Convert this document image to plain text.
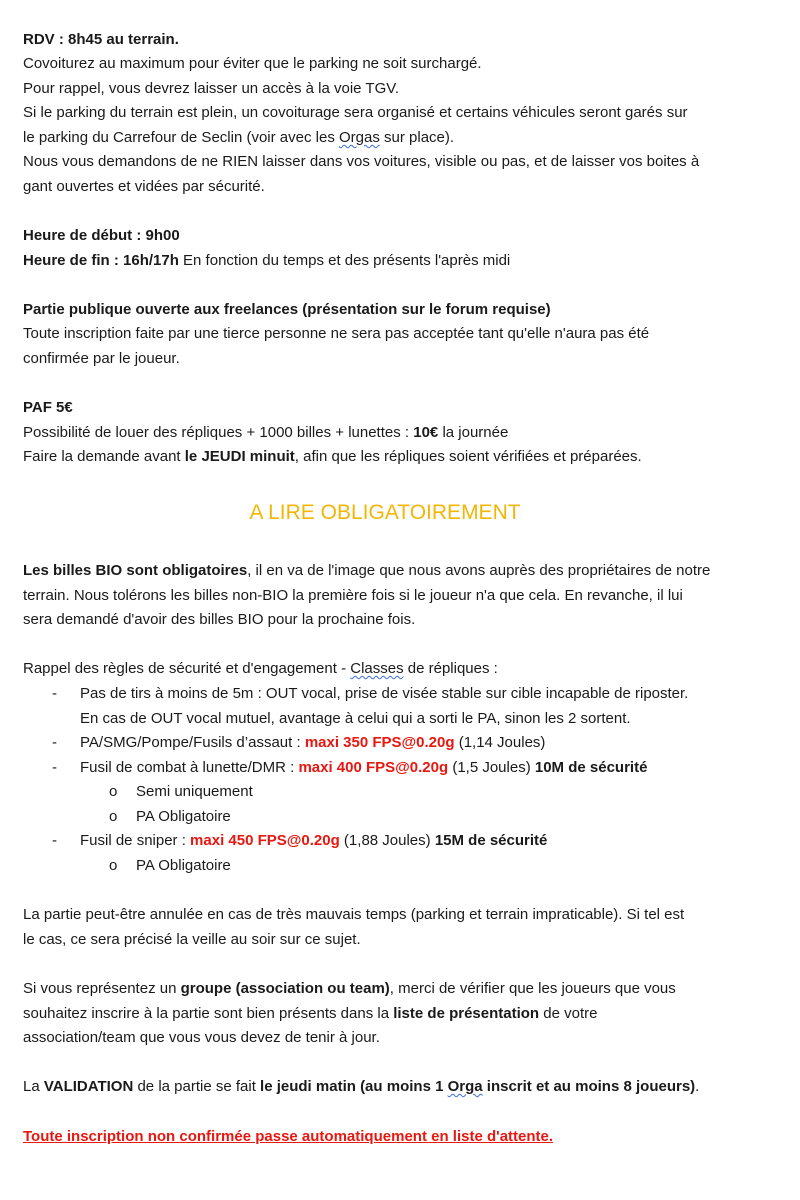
RDV : 8h45 au terrain.
Covoiturez au maximum pour éviter que le parking ne soit surchargé.
Pour rappel, vous devrez laisser un accès à la voie TGV.
Si le parking du terrain est plein, un covoiturage sera organisé et certains véhicules seront garés sur
le parking du Carrefour de Seclin (voir avec les Orgas sur place).
Nous vous demandons de ne RIEN laisser dans vos voitures, visible ou pas, et de laisser vos boites à
gant ouvertes et vidées par sécurité.
Heure de début : 9h00
Heure de fin : 16h/17h En fonction du temps et des présents l'après midi
Partie publique ouverte aux freelances (présentation sur le forum requise)
Toute inscription faite par une tierce personne ne sera pas acceptée tant qu'elle n'aura pas été
confirmée par le joueur.
PAF 5€
Possibilité de louer des répliques + 1000 billes + lunettes : 10€ la journée
Faire la demande avant le JEUDI minuit, afin que les répliques soient vérifiées et préparées.
A LIRE OBLIGATOIREMENT
Les billes BIO sont obligatoires, il en va de l'image que nous avons auprès des propriétaires de notre
terrain. Nous tolérons les billes non-BIO la première fois si le joueur n'a que cela. En revanche, il lui
sera demandé d'avoir des billes BIO pour la prochaine fois.
Rappel des règles de sécurité et d'engagement - Classes de répliques :
- Pas de tirs à moins de 5m : OUT vocal, prise de visée stable sur cible incapable de riposter.
En cas de OUT vocal mutuel, avantage à celui qui a sorti le PA, sinon les 2 sortent.
- PA/SMG/Pompe/Fusils d’assaut : maxi 350 FPS@0.20g (1,14 Joules)
- Fusil de combat à lunette/DMR : maxi 400 FPS@0.20g (1,5 Joules) 10M de sécurité
o Semi uniquement
o PA Obligatoire
- Fusil de sniper : maxi 450 FPS@0.20g (1,88 Joules) 15M de sécurité
o PA Obligatoire
La partie peut-être annulée en cas de très mauvais temps (parking et terrain impraticable). Si tel est
le cas, ce sera précisé la veille au soir sur ce sujet.
Si vous représentez un groupe (association ou team), merci de vérifier que les joueurs que vous
souhaitez inscrire à la partie sont bien présents dans la liste de présentation de votre
association/team que vous vous devez de tenir à jour.
La VALIDATION de la partie se fait le jeudi matin (au moins 1 Orga inscrit et au moins 8 joueurs).
Toute inscription non confirmée passe automatiquement en liste d'attente.
